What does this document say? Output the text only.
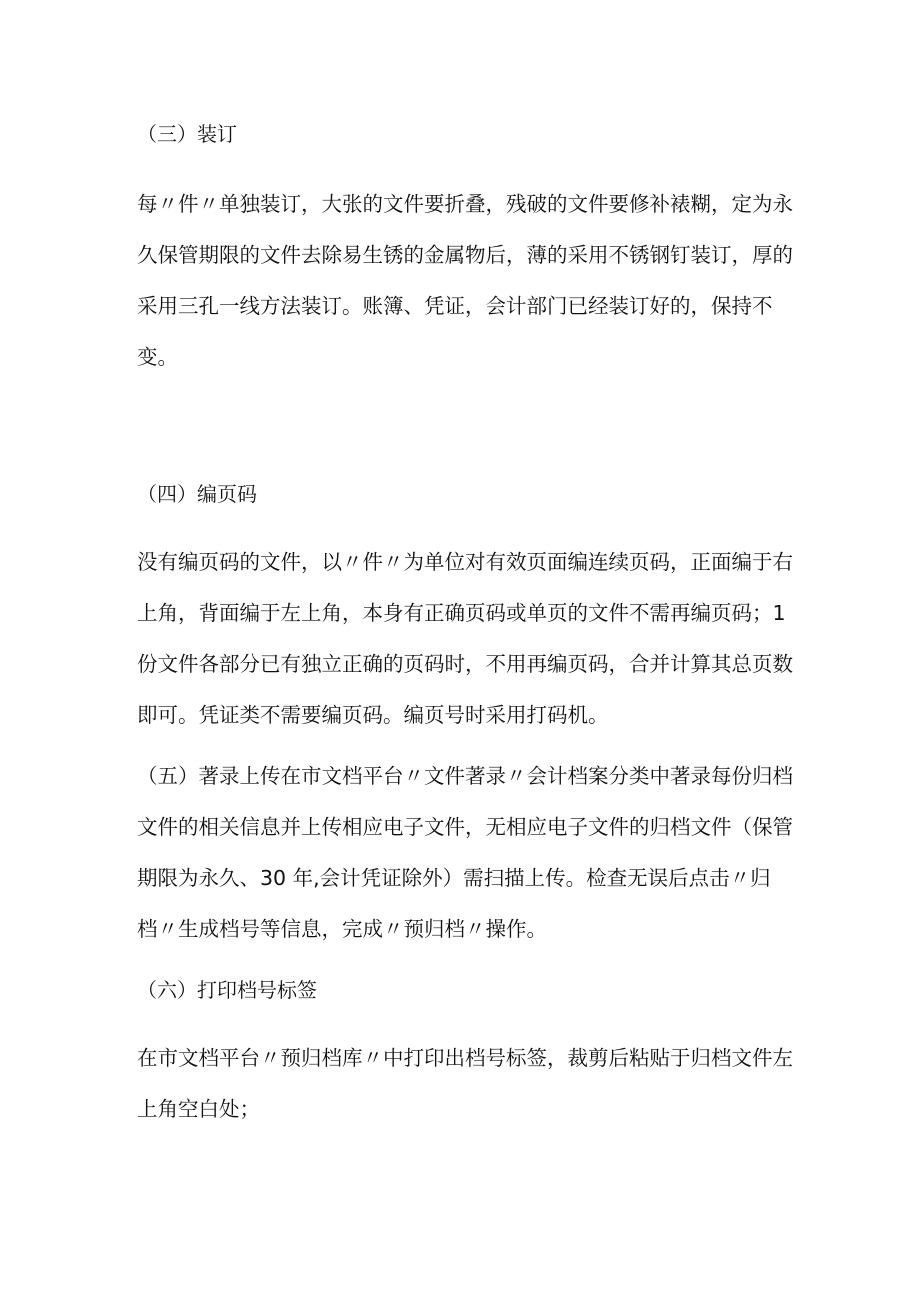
（三）装订
每〃件〃单独装订，大张的文件要折叠，残破的文件要修补裱糊，定为永
久保管期限的文件去除易生锈的金属物后，薄的采用不锈钢钉装订，厚的
采用三孔一线方法装订。账簿、凭证，会计部门已经装订好的，保持不
变。
（四）编页码
没有编页码的文件，以〃件〃为单位对有效页面编连续页码，正面编于右
上角，背面编于左上角，本身有正确页码或单页的文件不需再编页码；1
份文件各部分已有独立正确的页码时，不用再编页码，合并计算其总页数
即可。凭证类不需要编页码。编页号时采用打码机。
（五）著录上传在市文档平台〃文件著录〃会计档案分类中著录每份归档
文件的相关信息并上传相应电子文件，无相应电子文件的归档文件（保管
期限为永久、30 年,会计凭证除外）需扫描上传。检查无误后点击〃归
档〃生成档号等信息，完成〃预归档〃操作。
（六）打印档号标签
在市文档平台〃预归档库〃中打印出档号标签，裁剪后粘贴于归档文件左
上角空白处；
